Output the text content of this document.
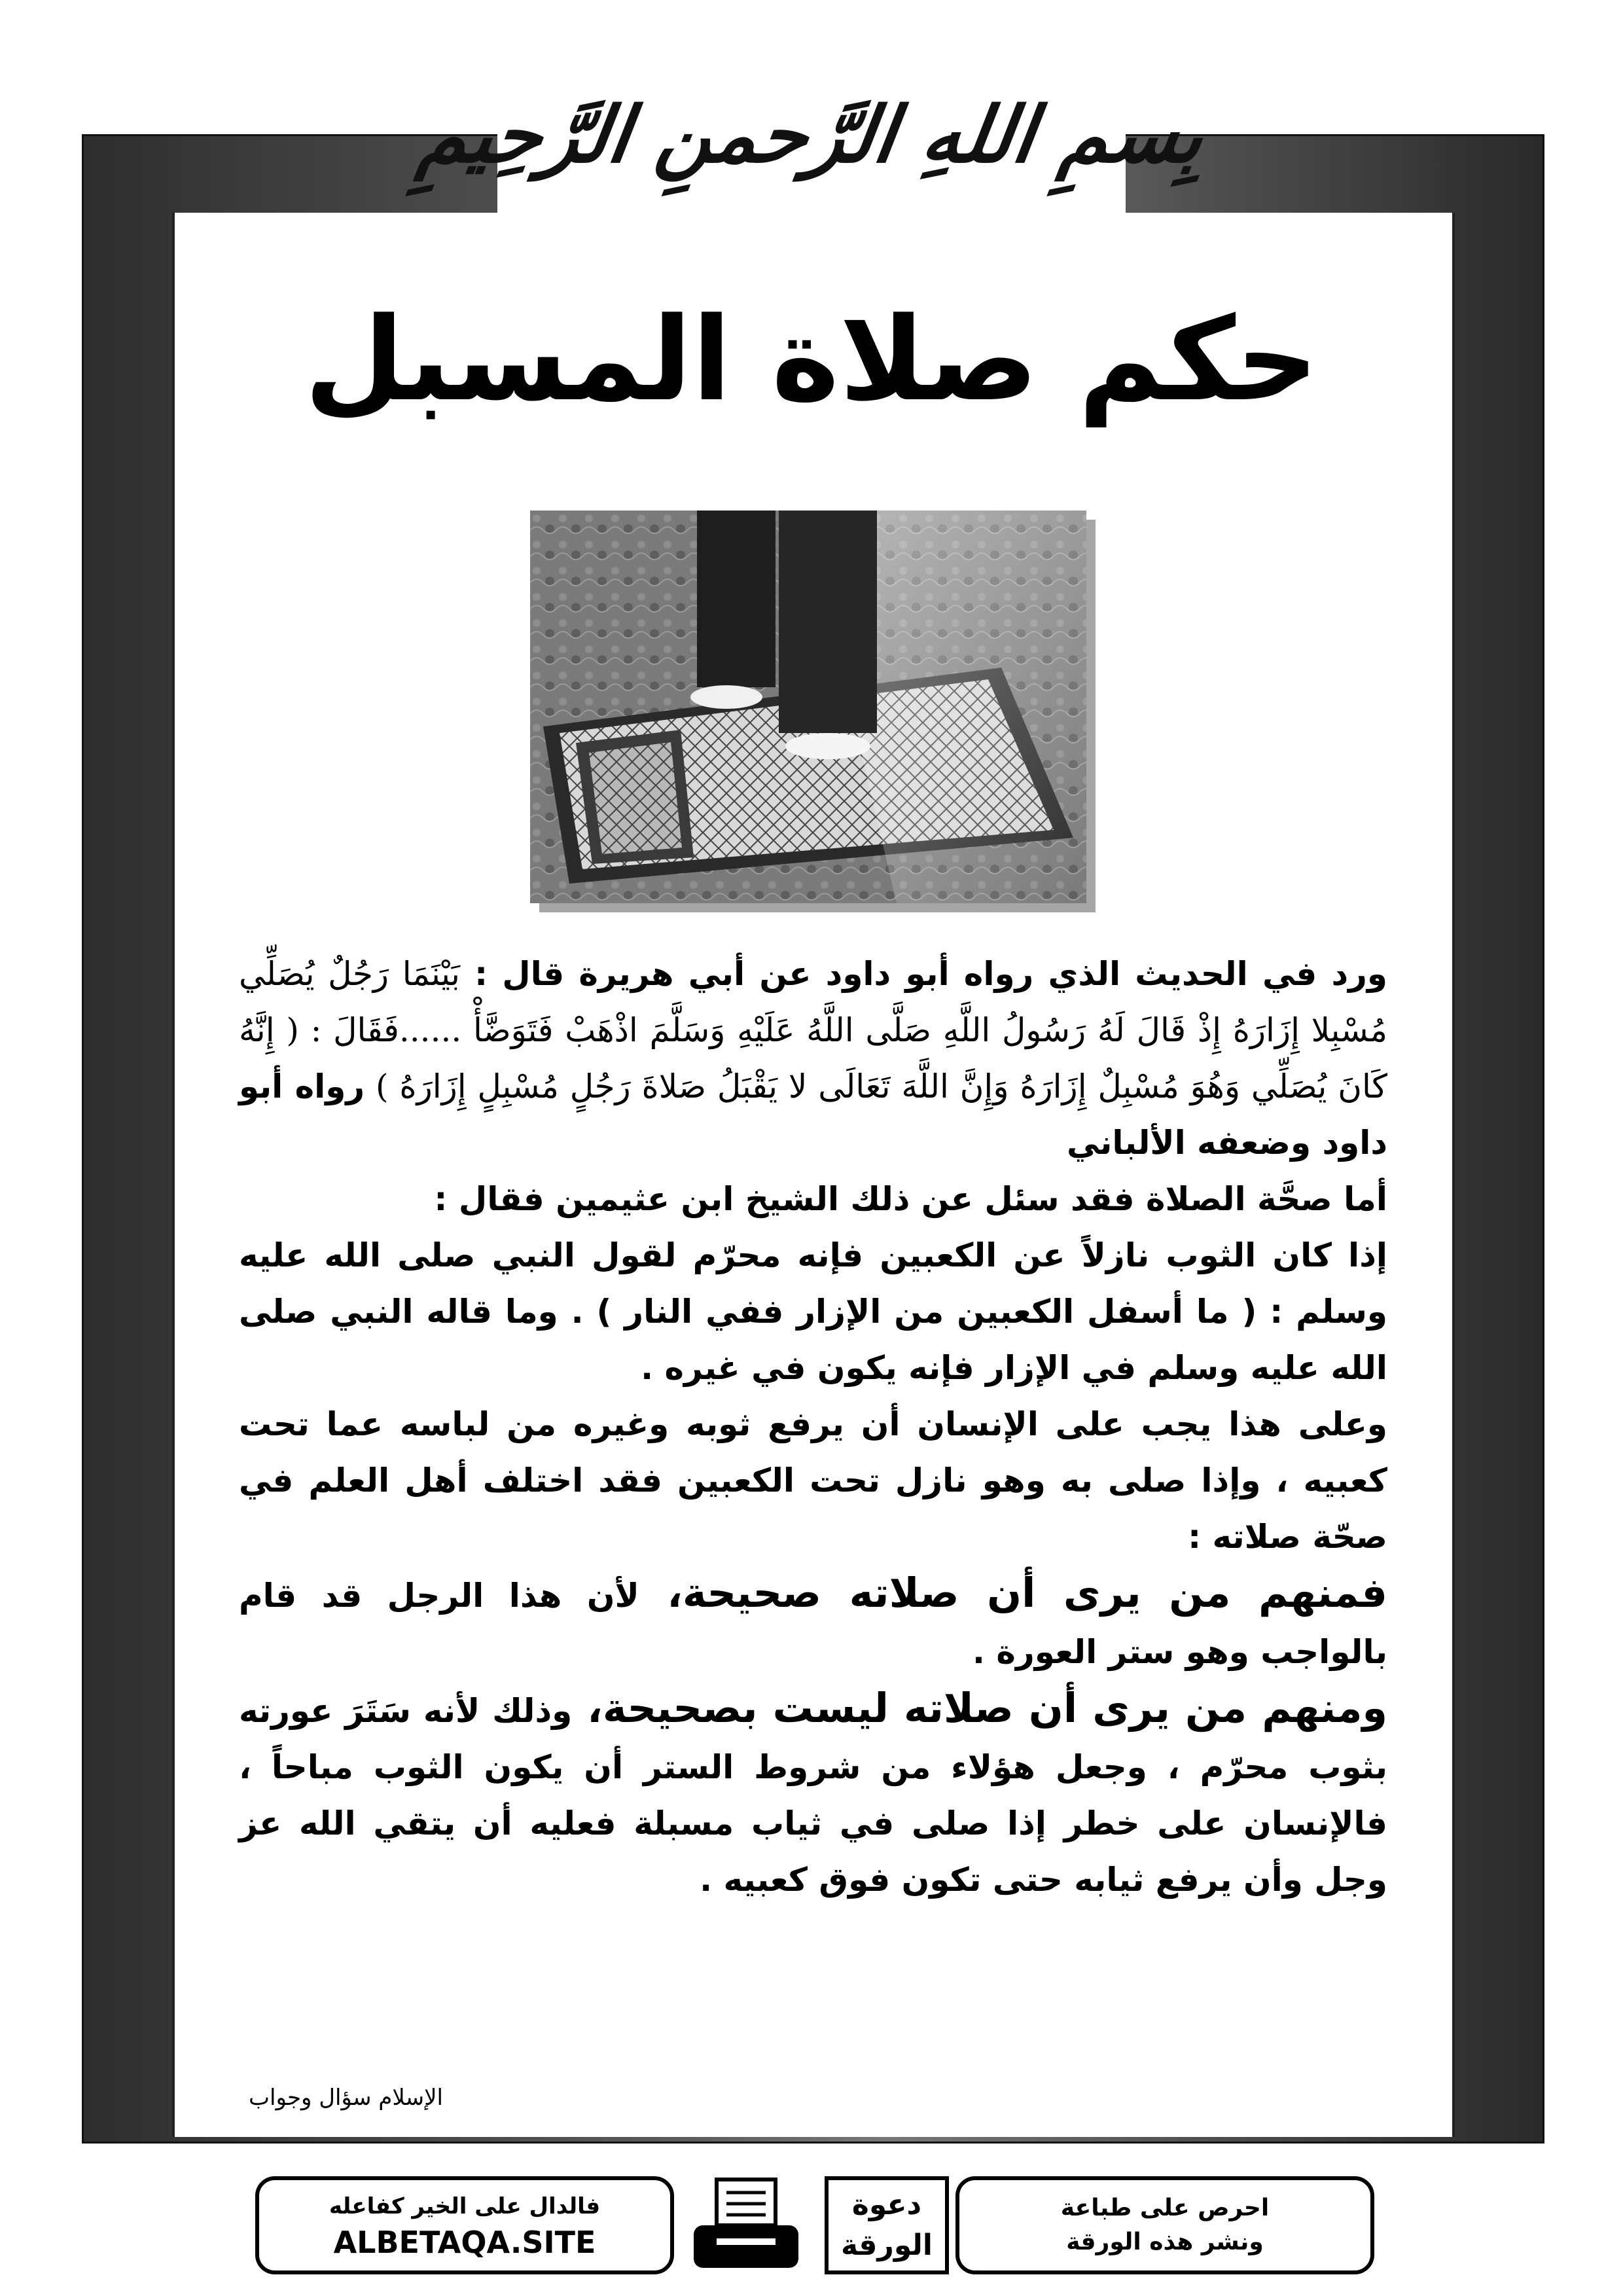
بِسمِ اللهِ الرَّحمنِ الرَّحِيمِ
حكم صلاة المسبل

ورد في الحديث الذي رواه أبو داود عن أبي هريرة قال : بَيْنَمَا رَجُلٌ يُصَلِّي مُسْبِلا إِزَارَهُ إِذْ قَالَ لَهُ رَسُولُ اللَّهِ صَلَّى اللَّهُ عَلَيْهِ وَسَلَّمَ اذْهَبْ فَتَوَضَّأْ ......فَقَالَ : ( إِنَّهُ كَانَ يُصَلِّي وَهُوَ مُسْبِلٌ إِزَارَهُ وَإِنَّ اللَّهَ تَعَالَى لا يَقْبَلُ صَلاةَ رَجُلٍ مُسْبِلٍ إِزَارَهُ ) رواه أبو داود وضعفه الألباني

أما صحَّة الصلاة فقد سئل عن ذلك الشيخ ابن عثيمين فقال :

إذا كان الثوب نازلاً عن الكعبين فإنه محرّم لقول النبي صلى الله عليه وسلم : ( ما أسفل الكعبين من الإزار ففي النار ) . وما قاله النبي صلى الله عليه وسلم في الإزار فإنه يكون في غيره .

وعلى هذا يجب على الإنسان أن يرفع ثوبه وغيره من لباسه عما تحت كعبيه ، وإذا صلى به وهو نازل تحت الكعبين فقد اختلف أهل العلم في صحّة صلاته :

فمنهم من يرى أن صلاته صحيحة، لأن هذا الرجل قد قام بالواجب وهو ستر العورة .

ومنهم من يرى أن صلاته ليست بصحيحة، وذلك لأنه سَتَرَ عورته بثوب محرّم ، وجعل هؤلاء من شروط الستر أن يكون الثوب مباحاً ، فالإنسان على خطر إذا صلى في ثياب مسبلة فعليه أن يتقي الله عز وجل وأن يرفع ثيابه حتى تكون فوق كعبيه .

الإسلام سؤال وجواب
فالدال على الخير كفاعله
ALBETAQA.SITE
دعوة
الورقة
احرص على طباعة
ونشر هذه الورقة
